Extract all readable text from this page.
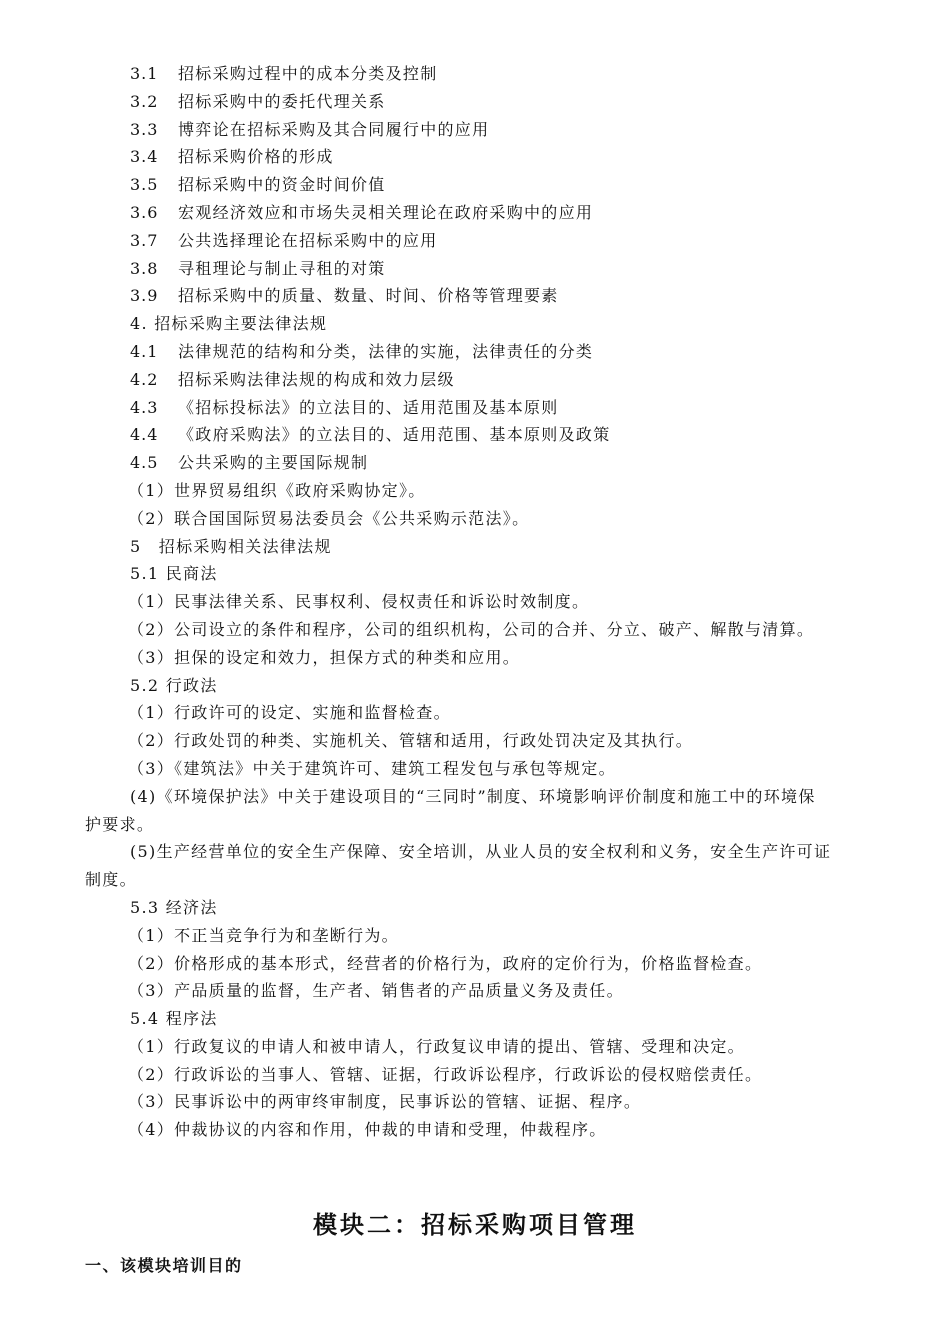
3.1 招标采购过程中的成本分类及控制
3.2 招标采购中的委托代理关系
3.3 博弈论在招标采购及其合同履行中的应用
3.4 招标采购价格的形成
3.5 招标采购中的资金时间价值
3.6 宏观经济效应和市场失灵相关理论在政府采购中的应用
3.7 公共选择理论在招标采购中的应用
3.8 寻租理论与制止寻租的对策
3.9 招标采购中的质量、数量、时间、价格等管理要素
4. 招标采购主要法律法规
4.1 法律规范的结构和分类，法律的实施，法律责任的分类
4.2 招标采购法律法规的构成和效力层级
4.3 《招标投标法》的立法目的、适用范围及基本原则
4.4 《政府采购法》的立法目的、适用范围、基本原则及政策
4.5 公共采购的主要国际规制
（1）世界贸易组织《政府采购协定》。
（2）联合国国际贸易法委员会《公共采购示范法》。
5　招标采购相关法律法规
5.1 民商法
（1）民事法律关系、民事权利、侵权责任和诉讼时效制度。
（2）公司设立的条件和程序，公司的组织机构，公司的合并、分立、破产、解散与清算。
（3）担保的设定和效力，担保方式的种类和应用。
5.2 行政法
（1）行政许可的设定、实施和监督检查。
（2）行政处罚的种类、实施机关、管辖和适用，行政处罚决定及其执行。
（3）《建筑法》中关于建筑许可、建筑工程发包与承包等规定。
(4)《环境保护法》中关于建设项目的“三同时”制度、环境影响评价制度和施工中的环境保
护要求。
(5)生产经营单位的安全生产保障、安全培训，从业人员的安全权利和义务，安全生产许可证
制度。
5.3 经济法
（1）不正当竞争行为和垄断行为。
（2）价格形成的基本形式，经营者的价格行为，政府的定价行为，价格监督检查。
（3）产品质量的监督，生产者、销售者的产品质量义务及责任。
5.4 程序法
（1）行政复议的申请人和被申请人，行政复议申请的提出、管辖、受理和决定。
（2）行政诉讼的当事人、管辖、证据，行政诉讼程序，行政诉讼的侵权赔偿责任。
（3）民事诉讼中的两审终审制度，民事诉讼的管辖、证据、程序。
（4）仲裁协议的内容和作用，仲裁的申请和受理，仲裁程序。
模块二：招标采购项目管理
一、该模块培训目的
